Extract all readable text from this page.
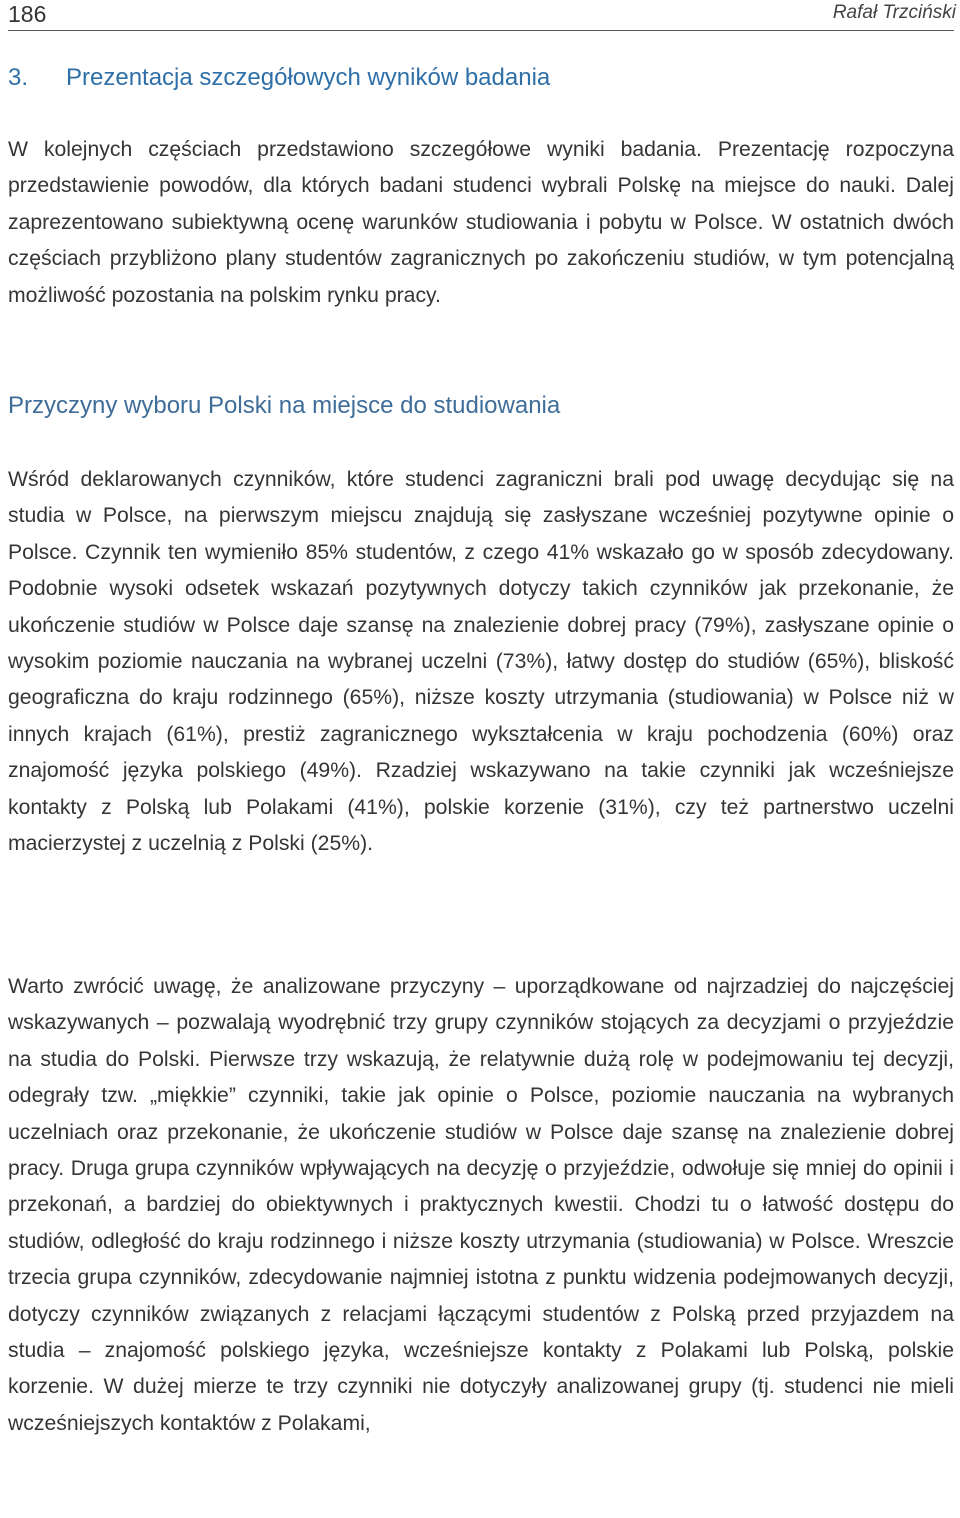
186	Rafał Trzciński
3. Prezentacja szczegółowych wyników badania

W kolejnych częściach przedstawiono szczegółowe wyniki badania. Prezentację rozpoczyna przedstawienie powodów, dla których badani studenci wybrali Polskę na miejsce do nauki. Dalej zaprezentowano subiektywną ocenę warunków studiowania i pobytu w Polsce. W ostatnich dwóch częściach przybliżono plany studentów zagranicznych po zakończeniu studiów, w tym potencjalną możliwość pozostania na polskim rynku pracy.

Przyczyny wyboru Polski na miejsce do studiowania

Wśród deklarowanych czynników, które studenci zagraniczni brali pod uwagę decydując się na studia w Polsce, na pierwszym miejscu znajdują się zasłyszane wcześniej pozytywne opinie o Polsce. Czynnik ten wymieniło 85% studentów, z czego 41% wskazało go w sposób zdecydowany. Podobnie wysoki odsetek wskazań pozytywnych dotyczy takich czynników jak przekonanie, że ukończenie studiów w Polsce daje szansę na znalezienie dobrej pracy (79%), zasłyszane opinie o wysokim poziomie nauczania na wybranej uczelni (73%), łatwy dostęp do studiów (65%), bliskość geograficzna do kraju rodzinnego (65%), niższe koszty utrzymania (studiowania) w Polsce niż w innych krajach (61%), prestiż zagranicznego wykształcenia w kraju pochodzenia (60%) oraz znajomość języka polskiego (49%). Rzadziej wskazywano na takie czynniki jak wcześniejsze kontakty z Polską lub Polakami (41%), polskie korzenie (31%), czy też partnerstwo uczelni macierzystej z uczelnią z Polski (25%).

Warto zwrócić uwagę, że analizowane przyczyny – uporządkowane od najrzadziej do najczęściej wskazywanych – pozwalają wyodrębnić trzy grupy czynników stojących za decyzjami o przyjeździe na studia do Polski. Pierwsze trzy wskazują, że relatywnie dużą rolę w podejmowaniu tej decyzji, odegrały tzw. „miękkie” czynniki, takie jak opinie o Polsce, poziomie nauczania na wybranych uczelniach oraz przekonanie, że ukończenie studiów w Polsce daje szansę na znalezienie dobrej pracy. Druga grupa czynników wpływających na decyzję o przyjeździe, odwołuje się mniej do opinii i przekonań, a bardziej do obiektywnych i praktycznych kwestii. Chodzi tu o łatwość dostępu do studiów, odległość do kraju rodzinnego i niższe koszty utrzymania (studiowania) w Polsce. Wreszcie trzecia grupa czynników, zdecydowanie najmniej istotna z punktu widzenia podejmowanych decyzji, dotyczy czynników związanych z relacjami łączącymi studentów z Polską przed przyjazdem na studia – znajomość polskiego języka, wcześniejsze kontakty z Polakami lub Polską, polskie korzenie. W dużej mierze te trzy czynniki nie dotyczyły analizowanej grupy (tj. studenci nie mieli wcześniejszych kontaktów z Polakami,
